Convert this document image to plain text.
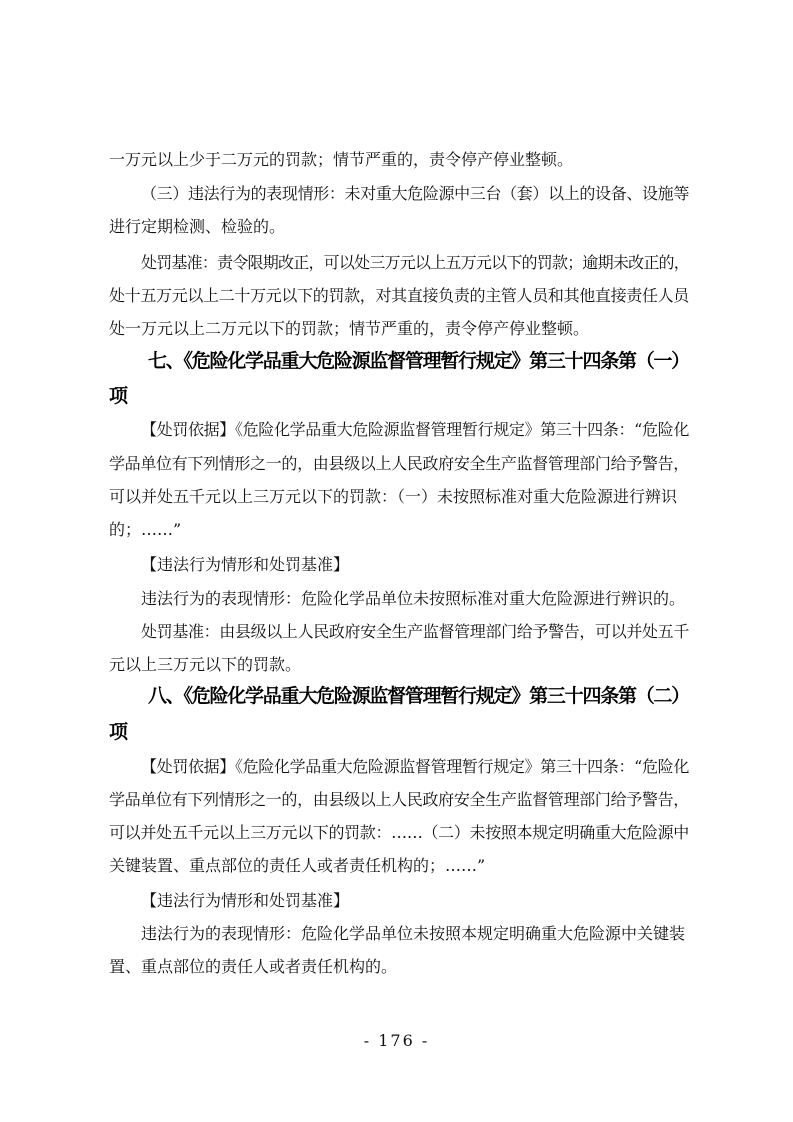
一万元以上少于二万元的罚款；情节严重的，责令停产停业整顿。
（三）违法行为的表现情形：未对重大危险源中三台（套）以上的设备、设施等
进行定期检测、检验的。
处罚基准：责令限期改正，可以处三万元以上五万元以下的罚款；逾期未改正的，
处十五万元以上二十万元以下的罚款，对其直接负责的主管人员和其他直接责任人员
处一万元以上二万元以下的罚款；情节严重的，责令停产停业整顿。
七、《危险化学品重大危险源监督管理暂行规定》第三十四条第（一）
项
【处罚依据】《危险化学品重大危险源监督管理暂行规定》第三十四条：“危险化
学品单位有下列情形之一的，由县级以上人民政府安全生产监督管理部门给予警告，
可以并处五千元以上三万元以下的罚款：（一）未按照标准对重大危险源进行辨识
的；……”
【违法行为情形和处罚基准】
违法行为的表现情形：危险化学品单位未按照标准对重大危险源进行辨识的。
处罚基准：由县级以上人民政府安全生产监督管理部门给予警告，可以并处五千
元以上三万元以下的罚款。
八、《危险化学品重大危险源监督管理暂行规定》第三十四条第（二）
项
【处罚依据】《危险化学品重大危险源监督管理暂行规定》第三十四条：“危险化
学品单位有下列情形之一的，由县级以上人民政府安全生产监督管理部门给予警告，
可以并处五千元以上三万元以下的罚款：……（二）未按照本规定明确重大危险源中
关键装置、重点部位的责任人或者责任机构的；……”
【违法行为情形和处罚基准】
违法行为的表现情形：危险化学品单位未按照本规定明确重大危险源中关键装
置、重点部位的责任人或者责任机构的。
- 176 -
